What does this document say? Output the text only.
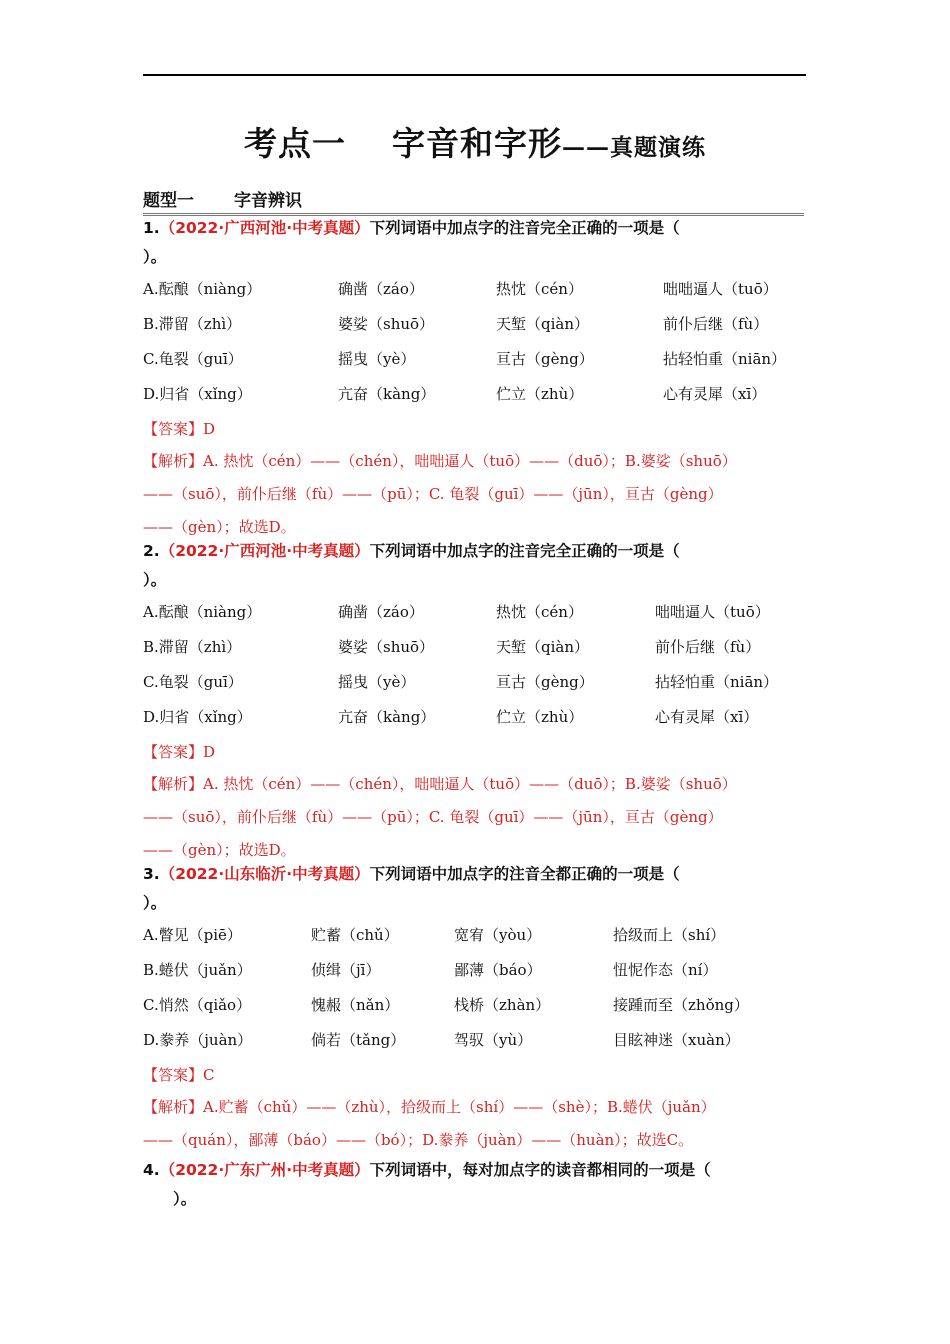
考点一 字音和字形——真题演练
题型一 字音辨识
1.（2022·广西河池·中考真题）下列词语中加点字的注音完全正确的一项是（
）。
A.酝酿（niàng）	确凿（záo）	热忱（cén）	咄咄逼人（tuō）
B.滞留（zhì）	婆娑（shuō）	天堑（qiàn）	前仆后继（fù）
C.龟裂（guī）	摇曳（yè）	亘古（gèng）	拈轻怕重（niān）
D.归省（xǐng）	亢奋（kàng）	伫立（zhù）	心有灵犀（xī）
【答案】D
【解析】A. 热忱（cén）——（chén），咄咄逼人（tuō）——（duō）；B.婆娑（shuō）
——（suō），前仆后继（fù）——（pū）；C. 龟裂（guī）——（jūn），亘古（gèng）
——（gèn）；故选D。
2.（2022·广西河池·中考真题）下列词语中加点字的注音完全正确的一项是（
）。
A.酝酿（niàng）	确凿（záo）	热忱（cén）	咄咄逼人（tuō）
B.滞留（zhì）	婆娑（shuō）	天堑（qiàn）	前仆后继（fù）
C.龟裂（guī）	摇曳（yè）	亘古（gèng）	拈轻怕重（niān）
D.归省（xǐng）	亢奋（kàng）	伫立（zhù）	心有灵犀（xī）
【答案】D
【解析】A. 热忱（cén）——（chén），咄咄逼人（tuō）——（duō）；B.婆娑（shuō）
——（suō），前仆后继（fù）——（pū）；C. 龟裂（guī）——（jūn），亘古（gèng）
——（gèn）；故选D。
3.（2022·山东临沂·中考真题）下列词语中加点字的注音全都正确的一项是（
）。
A.瞥见（piē）	贮蓄（chǔ）	宽宥（yòu）	拾级而上（shí）
B.蜷伏（juǎn）	侦缉（jī）	鄙薄（báo）	忸怩作态（ní）
C.悄然（qiǎo）	愧赧（nǎn）	栈桥（zhàn）	接踵而至（zhǒng）
D.豢养（juàn）	倘若（tǎng）	驾驭（yù）	目眩神迷（xuàn）
【答案】C
【解析】A.贮蓄（chǔ）——（zhù），拾级而上（shí）——（shè）；B.蜷伏（juǎn）
——（quán），鄙薄（báo）——（bó）；D.豢养（juàn）——（huàn）；故选C。
4.（2022·广东广州·中考真题）下列词语中，每对加点字的读音都相同的一项是（
）。
